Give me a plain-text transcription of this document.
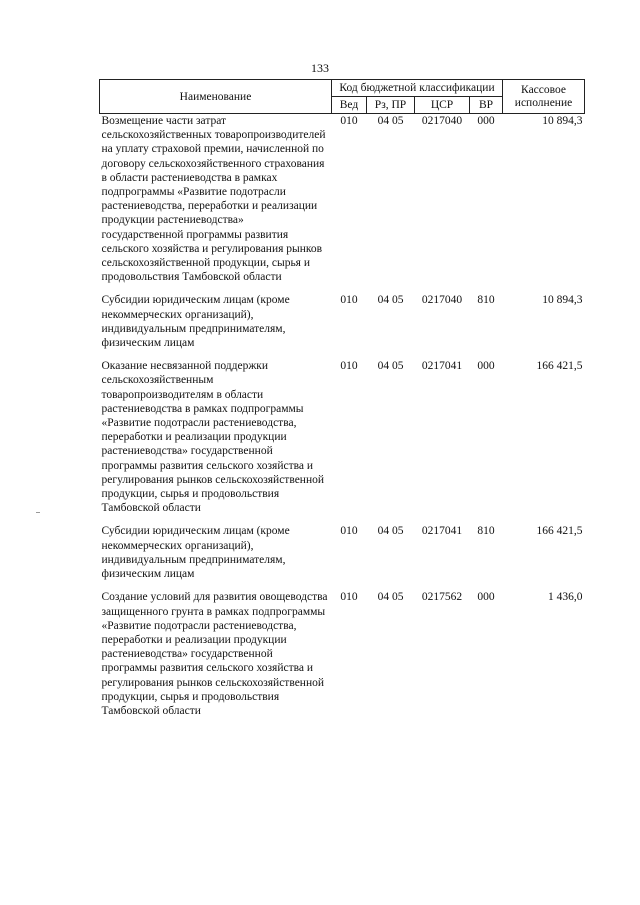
133
Наименование	Код бюджетной классификации				Кассовое исполнение
	Вед	Рз, ПР	ЦСР	ВР	
Возмещение части затрат сельскохозяйственных товаропроизводителей на уплату страховой премии, начисленной по договору сельскохозяйственного страхования в области растениеводства в рамках подпрограммы «Развитие подотрасли растениеводства, переработки и реализации продукции растениеводства» государственной программы развития сельского хозяйства и регулирования рынков сельскохозяйственной продукции, сырья и продовольствия Тамбовской области	010	04 05	0217040	000	10 894,3
Субсидии юридическим лицам (кроме некоммерческих организаций), индивидуальным предпринимателям, физическим лицам	010	04 05	0217040	810	10 894,3
Оказание несвязанной поддержки сельскохозяйственным товаропроизводителям в области растениеводства в рамках подпрограммы «Развитие подотрасли растениеводства, переработки и реализации продукции растениеводства» государственной программы развития сельского хозяйства и регулирования рынков сельскохозяйственной продукции, сырья и продовольствия Тамбовской области	010	04 05	0217041	000	166 421,5
Субсидии юридическим лицам (кроме некоммерческих организаций), индивидуальным предпринимателям, физическим лицам	010	04 05	0217041	810	166 421,5
Создание условий для развития овощеводства защищенного грунта в рамках подпрограммы «Развитие подотрасли растениеводства, переработки и реализации продукции растениеводства» государственной программы развития сельского хозяйства и регулирования рынков сельскохозяйственной продукции, сырья и продовольствия Тамбовской области	010	04 05	0217562	000	1 436,0
